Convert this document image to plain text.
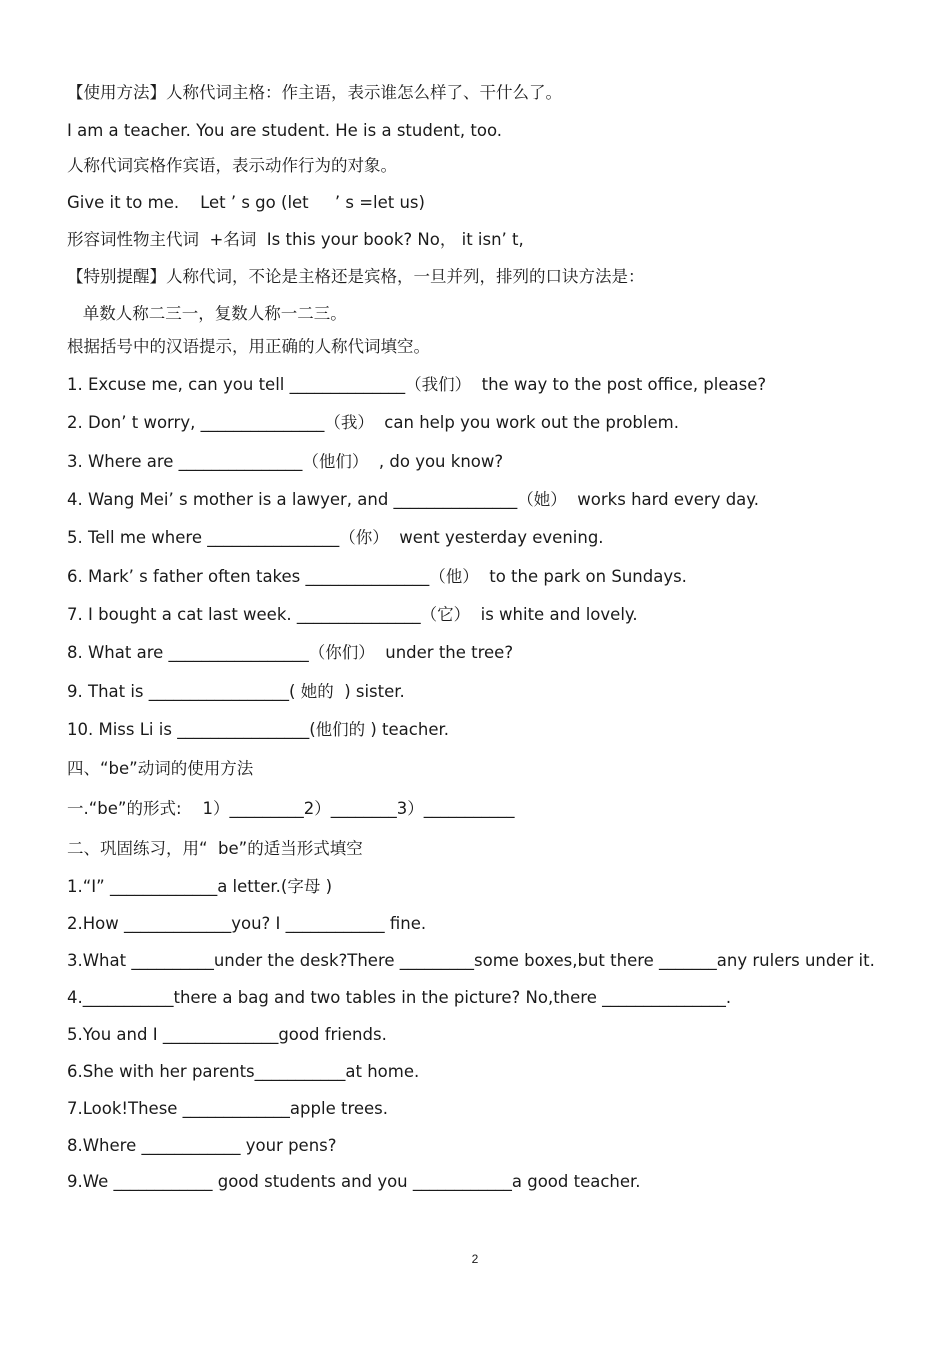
【使用方法】人称代词主格：作主语，表示谁怎么样了、干什么了。
I am a teacher. You are student. He is a student, too.
人称代词宾格作宾语，表示动作行为的对象。
Give it to me.    Let ’ s go (let     ’ s =let us)
形容词性物主代词  +名词  Is this your book? No， it isn’ t,
【特别提醒】人称代词，不论是主格还是宾格，一旦并列，排列的口诀方法是：
单数人称二三一，复数人称一二三。
根据括号中的汉语提示，用正确的人称代词填空。
1. Excuse me, can you tell ______________（我们）  the way to the post office, please?
2. Don’ t worry, _______________（我）  can help you work out the problem.
3. Where are _______________（他们）  , do you know?
4. Wang Mei’ s mother is a lawyer, and _______________（她）  works hard every day.
5. Tell me where ________________（你）  went yesterday evening.
6. Mark’ s father often takes _______________（他）  to the park on Sundays.
7. I bought a cat last week. _______________（它）  is white and lovely.
8. What are _________________（你们）  under the tree?
9. That is _________________( 她的  ) sister.
10. Miss Li is ________________(他们的 ) teacher.
四、“be”动词的使用方法
一.“be”的形式:    1）_________2）________3）___________
二、巩固练习，用“  be”的适当形式填空
1.“I” _____________a letter.(字母 )
2.How _____________you? I ____________ fine.
3.What __________under the desk?There _________some boxes,but there _______any rulers under it.
4.___________there a bag and two tables in the picture? No,there _______________.
5.You and I ______________good friends.
6.She with her parents___________at home.
7.Look!These _____________apple trees.
8.Where ____________ your pens?
9.We ____________ good students and you ____________a good teacher.
2
